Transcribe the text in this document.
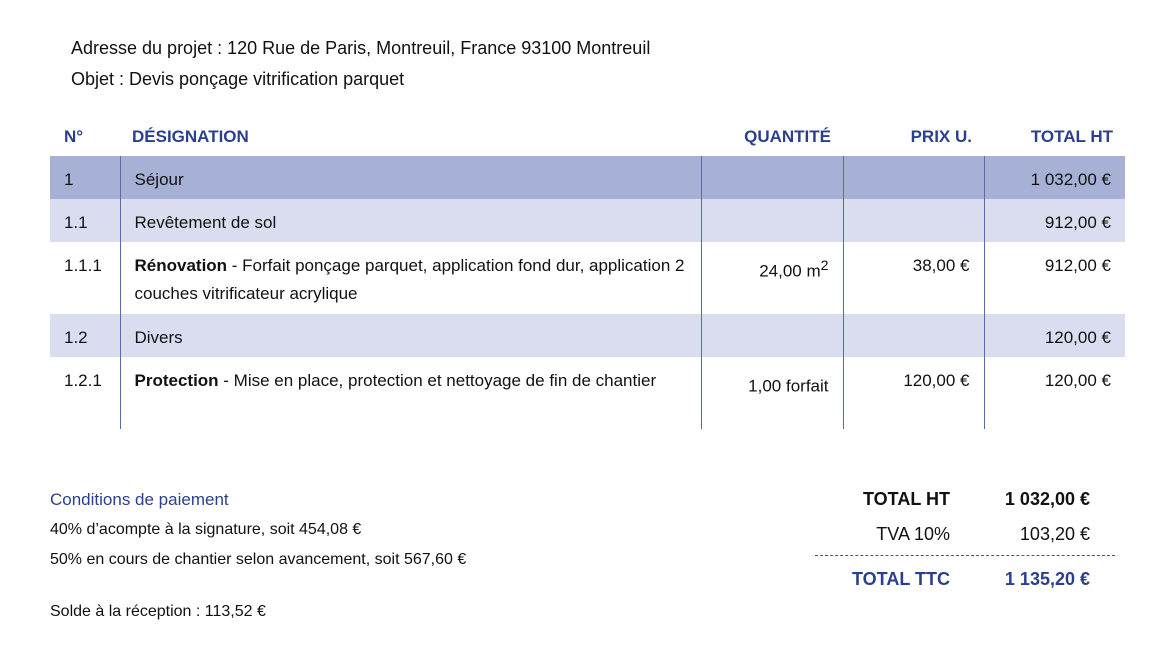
Adresse du projet : 120 Rue de Paris, Montreuil, France 93100 Montreuil
Objet : Devis ponçage vitrification parquet
N°	DÉSIGNATION	QUANTITÉ	PRIX U.	TOTAL HT
1	Séjour			1 032,00 €
1.1	Revêtement de sol			912,00 €
1.1.1	Rénovation - Forfait ponçage parquet, application fond dur, application 2 couches vitrificateur acrylique	24,00 $m^2$	38,00 €	912,00 €
1.2	Divers			120,00 €
1.2.1	Protection - Mise en place, protection et nettoyage de fin de chantier	1,00 forfait	120,00 €	120,00 €
Conditions de paiement
40% d’acompte à la signature, soit 454,08 €
50% en cours de chantier selon avancement, soit 567,60 €
Solde à la réception : 113,52 €
TOTAL HT	1 032,00 €
TVA 10%	103,20 €
TOTAL TTC	1 135,20 €
